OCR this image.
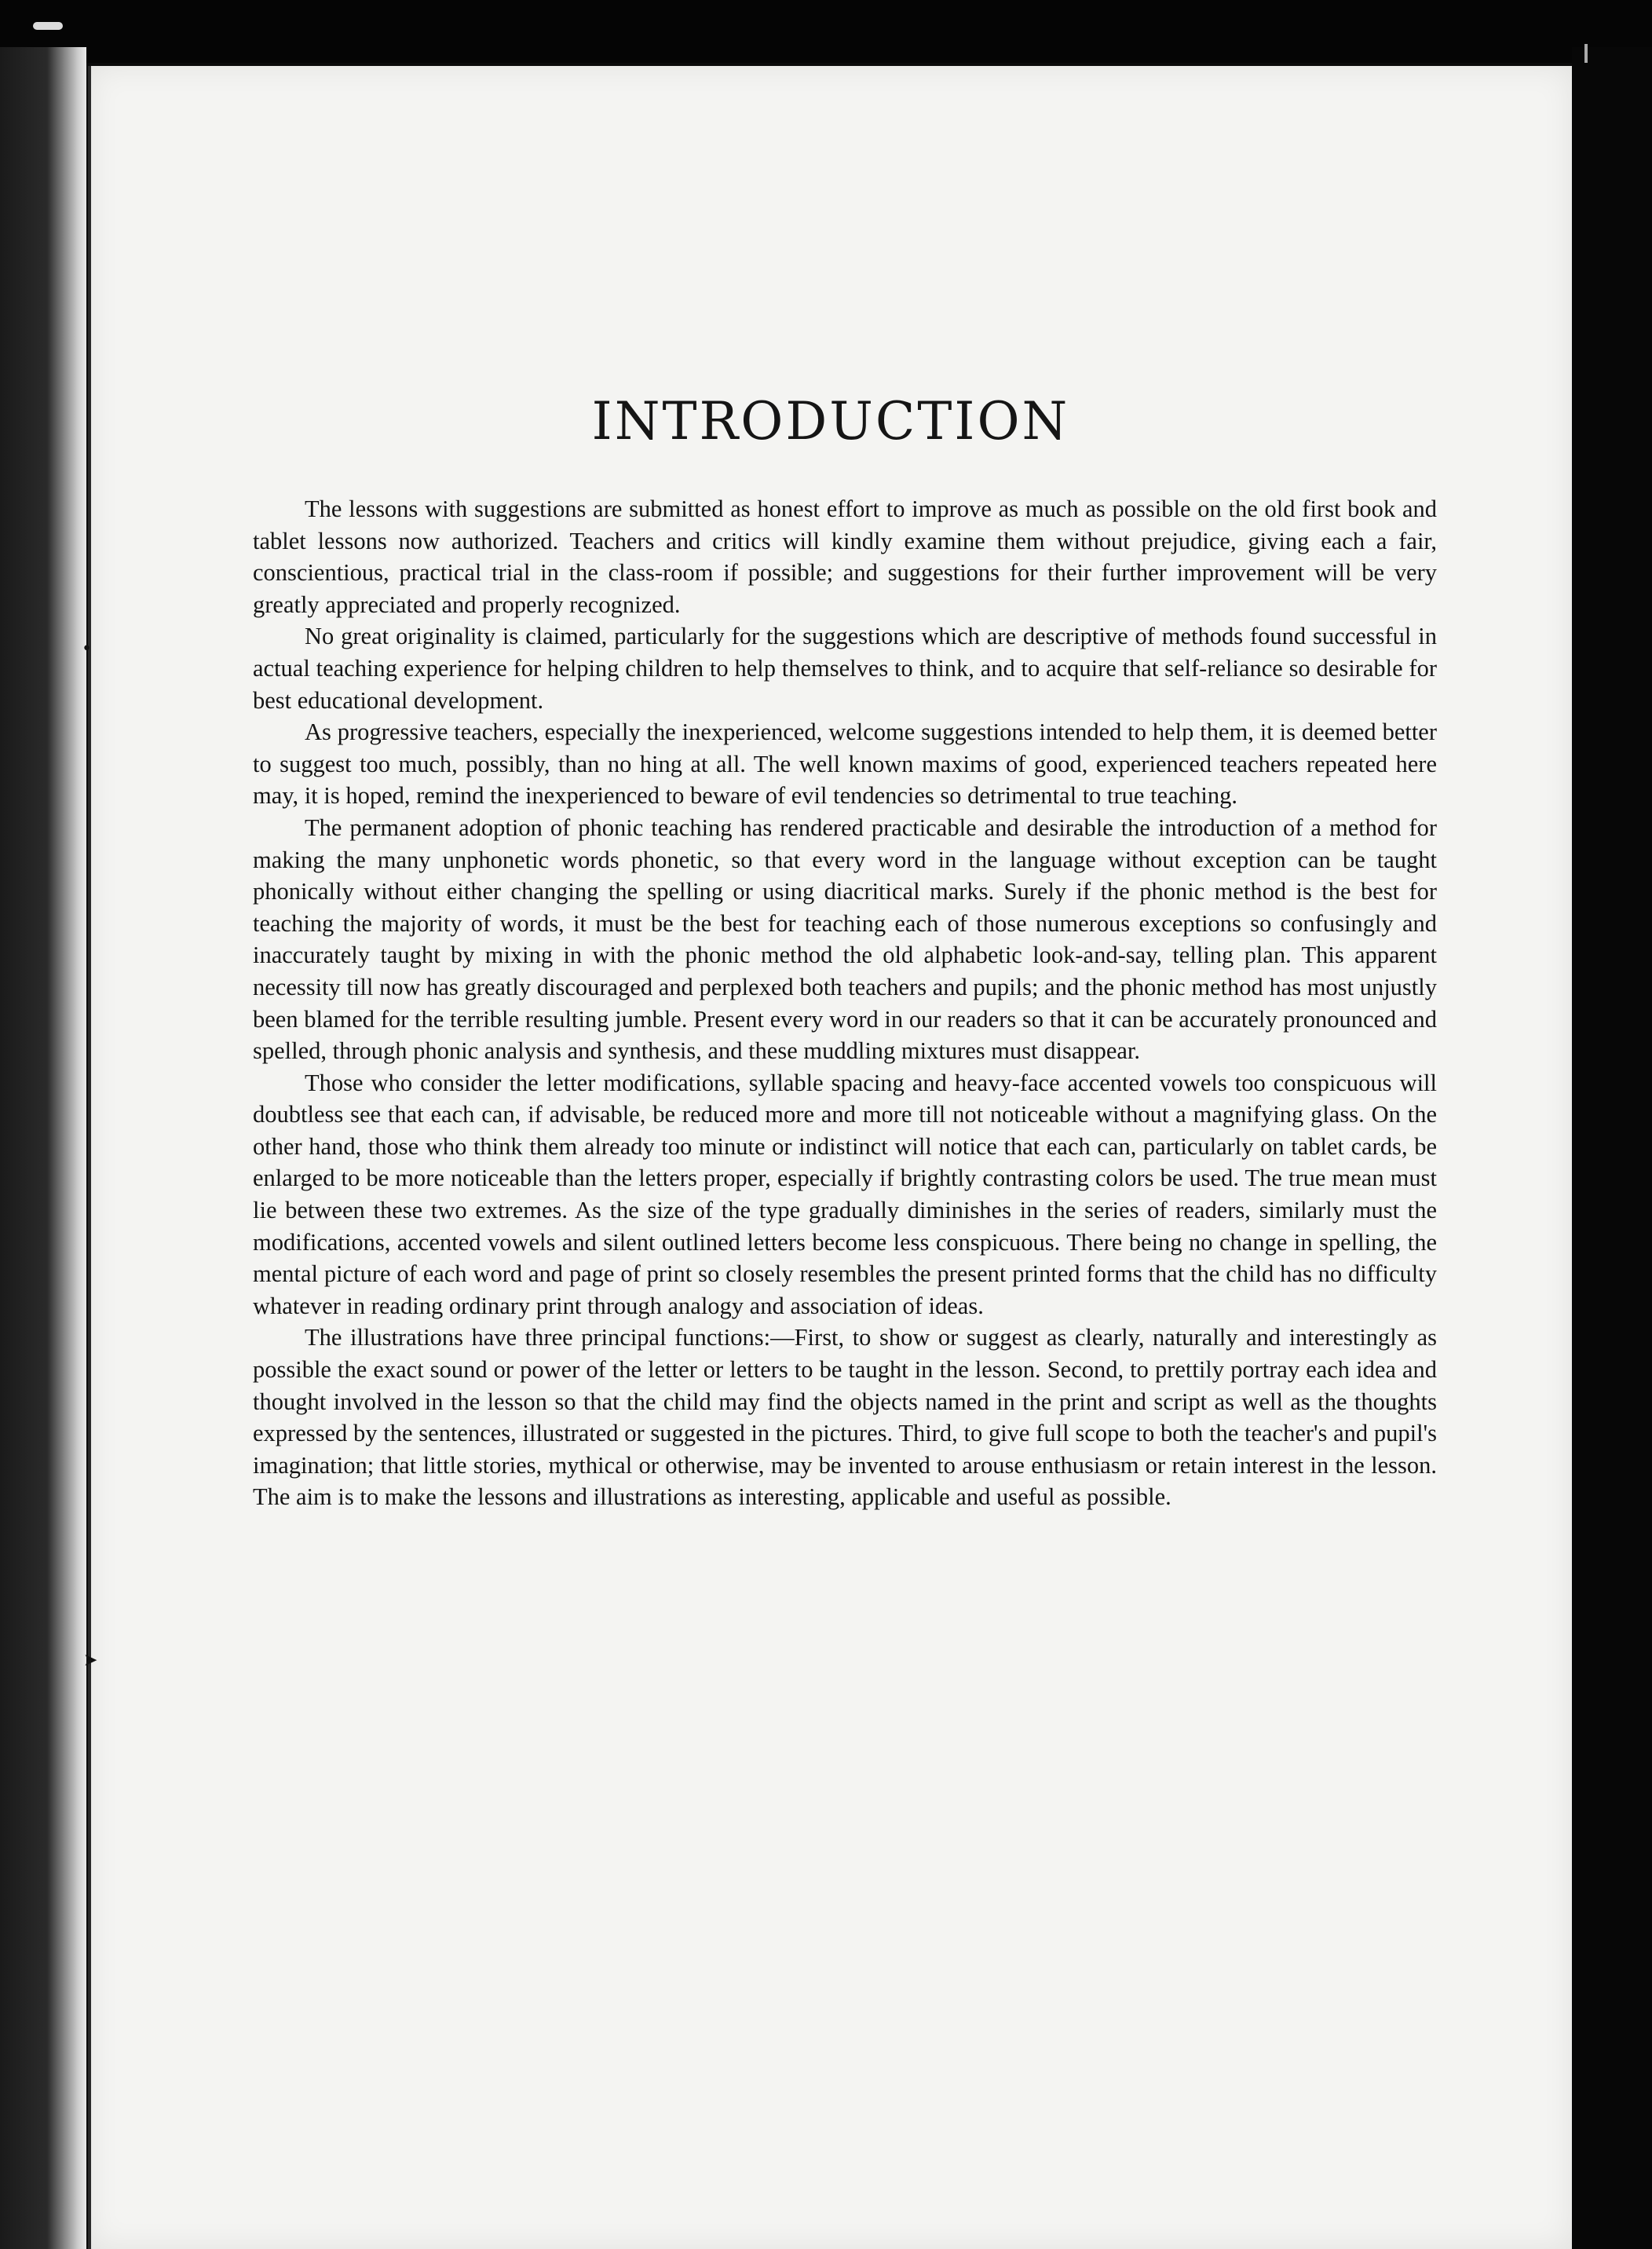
•
➤
INTRODUCTION

The lessons with suggestions are submitted as honest effort to improve as much as possible on the old first book and tablet lessons now authorized. Teachers and critics will kindly examine them without prejudice, giving each a fair, conscientious, practical trial in the class-room if possible; and suggestions for their further improvement will be very greatly appreciated and properly recognized.

No great originality is claimed, particularly for the suggestions which are descriptive of methods found successful in actual teaching experience for helping children to help themselves to think, and to acquire that self-reliance so desirable for best educational development.

As progressive teachers, especially the inexperienced, welcome suggestions intended to help them, it is deemed better to suggest too much, possibly, than no hing at all. The well known maxims of good, experienced teachers repeated here may, it is hoped, remind the inexperienced to beware of evil tendencies so detrimental to true teaching.

The permanent adoption of phonic teaching has rendered practicable and desirable the introduction of a method for making the many unphonetic words phonetic, so that every word in the language without exception can be taught phonically without either changing the spelling or using diacritical marks. Surely if the phonic method is the best for teaching the majority of words, it must be the best for teaching each of those numerous exceptions so confusingly and inaccurately taught by mixing in with the phonic method the old alphabetic look-and-say, telling plan. This apparent necessity till now has greatly discouraged and perplexed both teachers and pupils; and the phonic method has most unjustly been blamed for the terrible resulting jumble. Present every word in our readers so that it can be accurately pronounced and spelled, through phonic analysis and synthesis, and these muddling mixtures must disappear.

Those who consider the letter modifications, syllable spacing and heavy-face accented vowels too conspicuous will doubtless see that each can, if advisable, be reduced more and more till not noticeable without a magnifying glass. On the other hand, those who think them already too minute or indistinct will notice that each can, particularly on tablet cards, be enlarged to be more noticeable than the letters proper, especially if brightly contrasting colors be used. The true mean must lie between these two extremes. As the size of the type gradually diminishes in the series of readers, similarly must the modifications, accented vowels and silent outlined letters become less conspicuous. There being no change in spelling, the mental picture of each word and page of print so closely resembles the present printed forms that the child has no difficulty whatever in reading ordinary print through analogy and association of ideas.

The illustrations have three principal functions:—First, to show or suggest as clearly, naturally and interestingly as possible the exact sound or power of the letter or letters to be taught in the lesson. Second, to prettily portray each idea and thought involved in the lesson so that the child may find the objects named in the print and script as well as the thoughts expressed by the sentences, illustrated or suggested in the pictures. Third, to give full scope to both the teacher's and pupil's imagination; that little stories, mythical or otherwise, may be invented to arouse enthusiasm or retain interest in the lesson. The aim is to make the lessons and illustrations as interesting, applicable and useful as possible.
